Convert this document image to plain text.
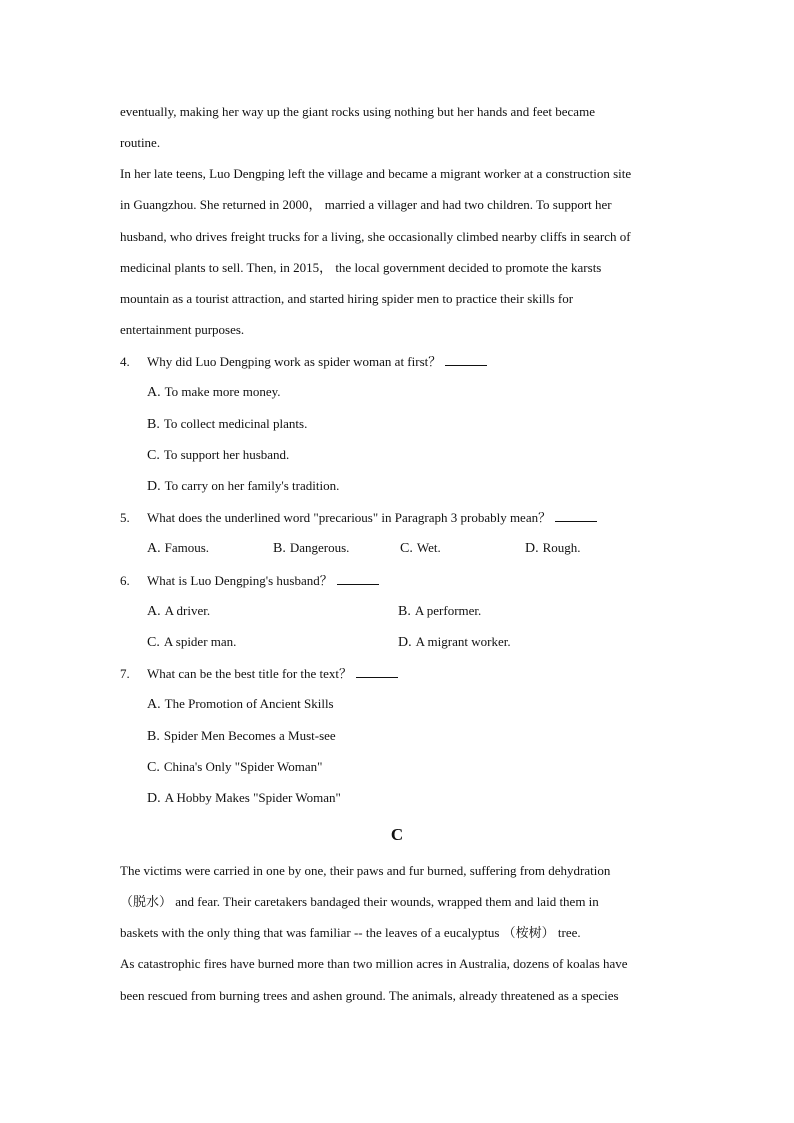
eventually, making her way up the giant rocks using nothing but her hands and feet became
routine.
In her late teens, Luo Dengping left the village and became a migrant worker at a construction site
in Guangzhou. She returned in 2000， married a villager and had two children. To support her
husband, who drives freight trucks for a living, she occasionally climbed nearby cliffs in search of
medicinal plants to sell. Then, in 2015， the local government decided to promote the karsts
mountain as a tourist attraction, and started hiring spider men to practice their skills for
entertainment purposes.
4. Why did Luo Dengping work as spider woman at first？
A. To make more money.
B. To collect medicinal plants.
C. To support her husband.
D. To carry on her family's tradition.
5. What does the underlined word "precarious" in Paragraph 3 probably mean？
A. Famous.	B. Dangerous.	C. Wet.	D. Rough.
6. What is Luo Dengping's husband？
A. A driver.	B. A performer.
C. A spider man.	D. A migrant worker.
7. What can be the best title for the text？
A. The Promotion of Ancient Skills
B. Spider Men Becomes a Must-see
C. China's Only "Spider Woman"
D. A Hobby Makes "Spider Woman"
C
The victims were carried in one by one, their paws and fur burned, suffering from dehydration
（脱水） and fear. Their caretakers bandaged their wounds, wrapped them and laid them in
baskets with the only thing that was familiar -- the leaves of a eucalyptus （桉树） tree.
As catastrophic fires have burned more than two million acres in Australia, dozens of koalas have
been rescued from burning trees and ashen ground. The animals, already threatened as a species
